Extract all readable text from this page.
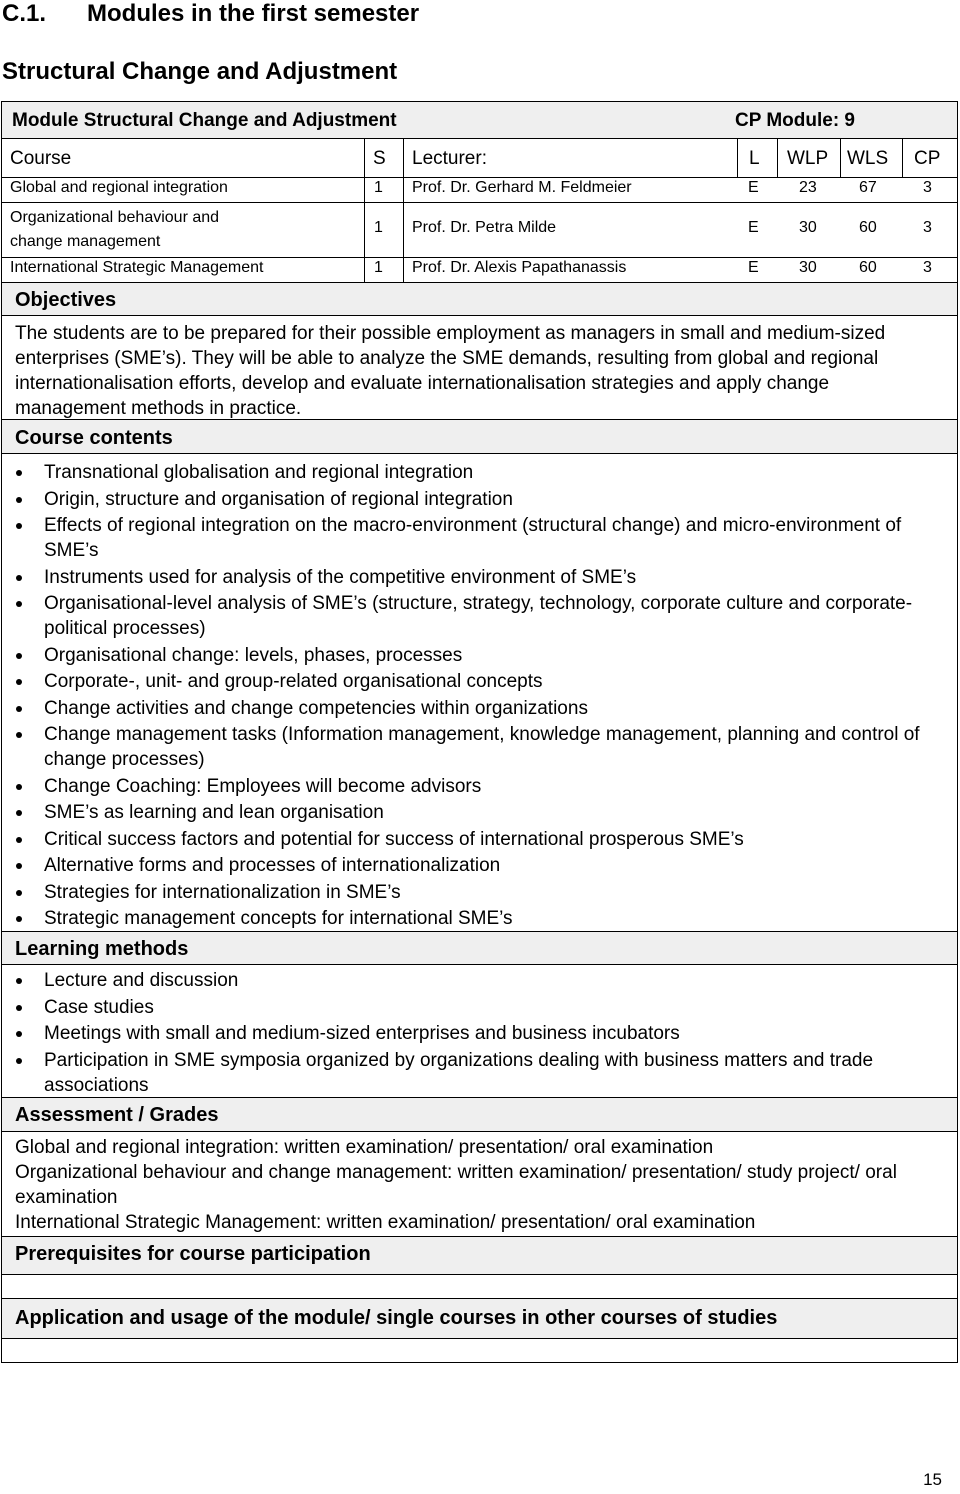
C.1. Modules in the first semester
Structural Change and Adjustment
Module Structural Change and Adjustment	CP Module: 9
Course	S Lecturer:	L WLP WLS CP
Global and regional integration	1 Prof. Dr. Gerhard M. Feldmeier	E	23	67	3
Organizational behaviour and
change management
1 Prof. Dr. Petra Milde	E	30	60	3
International Strategic Management	1 Prof. Dr. Alexis Papathanassis	E	30	60	3
Objectives
The students are to be prepared for their possible employment as managers in small and medium-sized enterprises (SME’s). They will be able to analyze the SME demands, resulting from global and regional internationalisation efforts, develop and evaluate internationalisation strategies and apply change management methods in practice.
Course contents
Transnational globalisation and regional integration
Origin, structure and organisation of regional integration
Effects of regional integration on the macro-environment (structural change) and micro-environment of SME’s
Instruments used for analysis of the competitive environment of SME’s
Organisational-level analysis of SME’s (structure, strategy, technology, corporate culture and corporate-political processes)
Organisational change: levels, phases, processes
Corporate-, unit- and group-related organisational concepts
Change activities and change competencies within organizations
Change management tasks (Information management, knowledge management, planning and control of change processes)
Change Coaching: Employees will become advisors
SME’s as learning and lean organisation
Critical success factors and potential for success of international prosperous SME’s
Alternative forms and processes of internationalization
Strategies for internationalization in SME’s
Strategic management concepts for international SME’s
Learning methods
Lecture and discussion
Case studies
Meetings with small and medium-sized enterprises and business incubators
Participation in SME symposia organized by organizations dealing with business matters and trade associations
Assessment / Grades
Global and regional integration: written examination/ presentation/ oral examination
Organizational behaviour and change management: written examination/ presentation/ study project/ oral examination
International Strategic Management: written examination/ presentation/ oral examination
Prerequisites for course participation
Application and usage of the module/ single courses in other courses of studies
15
